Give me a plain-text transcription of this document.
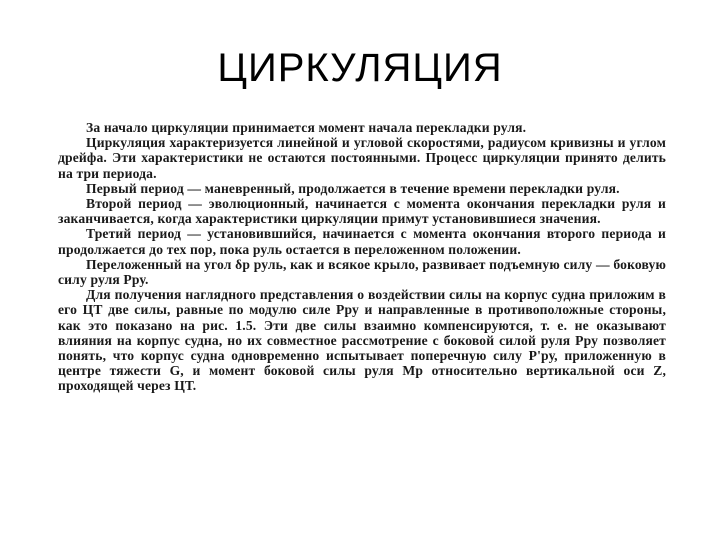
ЦИРКУЛЯЦИЯ

За начало циркуляции принимается момент начала перекладки руля.

Циркуляция характеризуется линейной и угловой скоростями, радиусом кривизны и углом дрейфа. Эти характеристики не остаются постоянными. Процесс циркуляции принято делить на три периода.

Первый период — маневренный, продолжается в течение времени перекладки руля.

Второй период — эволюционный, начинается с момента окончания перекладки руля и заканчивается, когда характеристики циркуляции примут установившиеся значения.

Третий период — установившийся, начинается с момента окончания второго периода и продолжается до тех пор, пока руль остается в переложенном положении.

Переложенный на угол δр руль, как и всякое крыло, развивает подъемную силу — боковую силу руля Pру.

Для получения наглядного представления о воздействии силы на корпус судна приложим в его ЦТ две силы, равные по модулю силе Pру и направленные в противоположные стороны, как это показано на рис. 1.5. Эти две силы взаимно компенсируются, т. е. не оказывают влияния на корпус судна, но их совместное рассмотрение с боковой силой руля Pру позволяет понять, что корпус судна одновременно испытывает поперечную силу P'ру, приложенную в центре тяжести G, и момент боковой силы руля Mр относительно вертикальной оси Z, проходящей через ЦТ.
